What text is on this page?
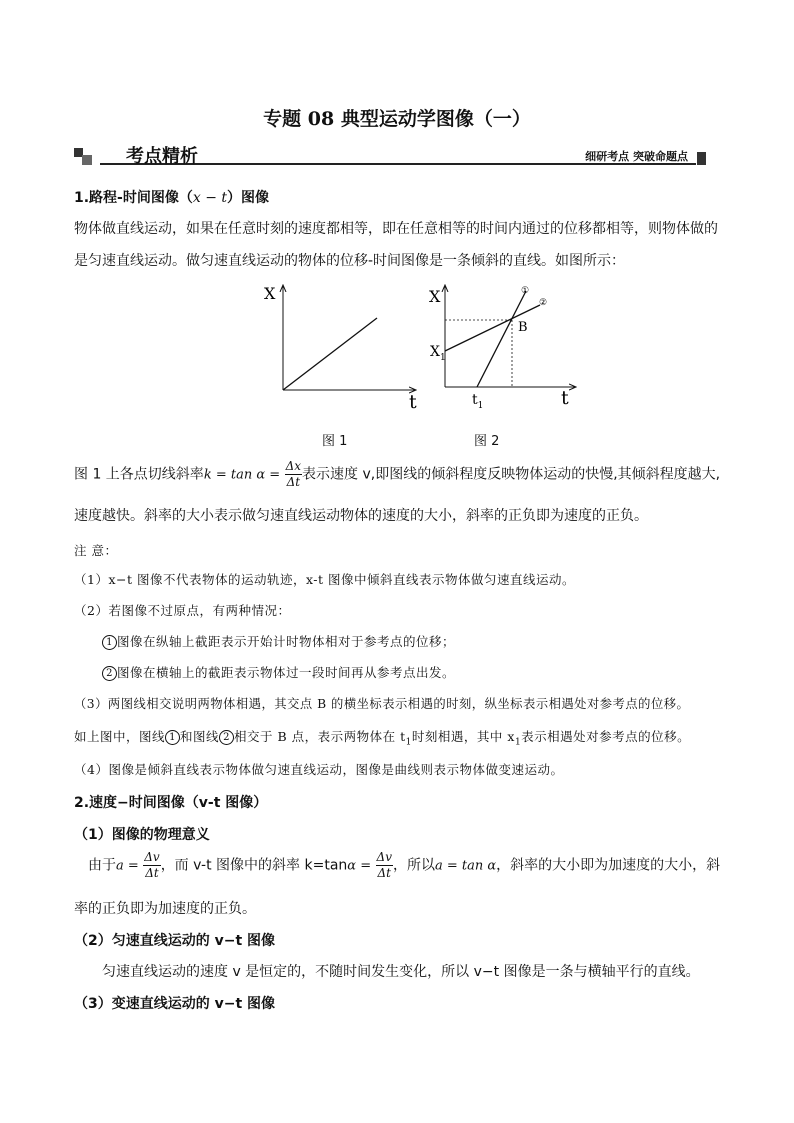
专题 08 典型运动学图像（一）
考点精析	细研考点 突破命题点
1.路程-时间图像（x − t）图像
物体做直线运动，如果在任意时刻的速度都相等，即在任意相等的时间内通过的位移都相等，则物体做的
是匀速直线运动。做匀速直线运动的物体的位移-时间图像是一条倾斜的直线。如图所示：
X
t
图 1
X
t
$X_1$
$t_1$
B
①
②
图 2
图 1 上各点切线斜率$k = \tan \alpha = \frac{\Delta x}{\Delta t}$ 表示速度 v,即图线的倾斜程度反映物体运动的快慢,其倾斜程度越大,
速度越快。斜率的大小表示做匀速直线运动物体的速度的大小，斜率的正负即为速度的正负。
注 意：
（1）x−t 图像不代表物体的运动轨迹，x-t 图像中倾斜直线表示物体做匀速直线运动。
（2）若图像不过原点，有两种情况：
1 图像在纵轴上截距表示开始计时物体相对于参考点的位移；
2 图像在横轴上的截距表示物体过一段时间再从参考点出发。
（3）两图线相交说明两物体相遇，其交点 B 的横坐标表示相遇的时刻，纵坐标表示相遇处对参考点的位移。
如上图中，图线 1 和图线 2 相交于 B 点，表示两物体在 $t_1$时刻相遇，其中 $x_1$表示相遇处对参考点的位移。
（4）图像是倾斜直线表示物体做匀速直线运动，图像是曲线则表示物体做变速运动。
2.速度−时间图像（v-t 图像）
（1）图像的物理意义
由于$a = \frac{\Delta v}{\Delta t}$ ，而 v-t 图像中的斜率 $k=\tan\alpha = \frac{\Delta v}{\Delta t}$ ，所以a = tan α，斜率的大小即为加速度的大小，斜
率的正负即为加速度的正负。
（2）匀速直线运动的 v−t 图像
匀速直线运动的速度 v 是恒定的，不随时间发生变化，所以 v−t 图像是一条与横轴平行的直线。
（3）变速直线运动的 v−t 图像
